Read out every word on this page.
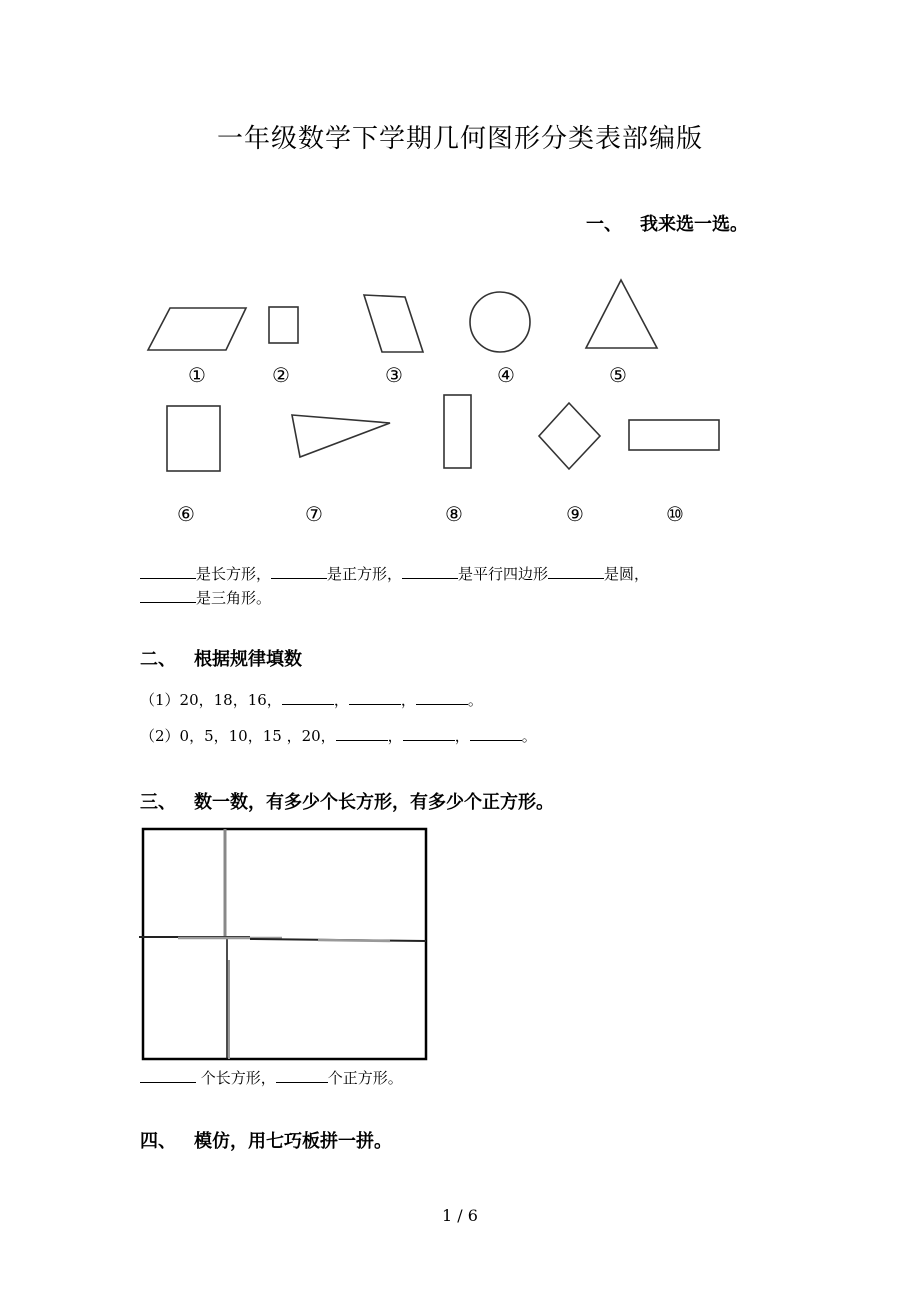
一年级数学下学期几何图形分类表部编版
一、 我来选一选。
①	②	③	④	⑤
⑥	⑦	⑧	⑨	⑩
是长方形，	是正方形，	是平行四边形	是圆，
是三角形。
二、 根据规律填数
（1）20，18，16，	，	，	。
（2）0，5，10，15 ，20，	，	，	。
三、 数一数，有多少个长方形，有多少个正方形。
个长方形，	个正方形。
四、 模仿，用七巧板拼一拼。
1 / 6
